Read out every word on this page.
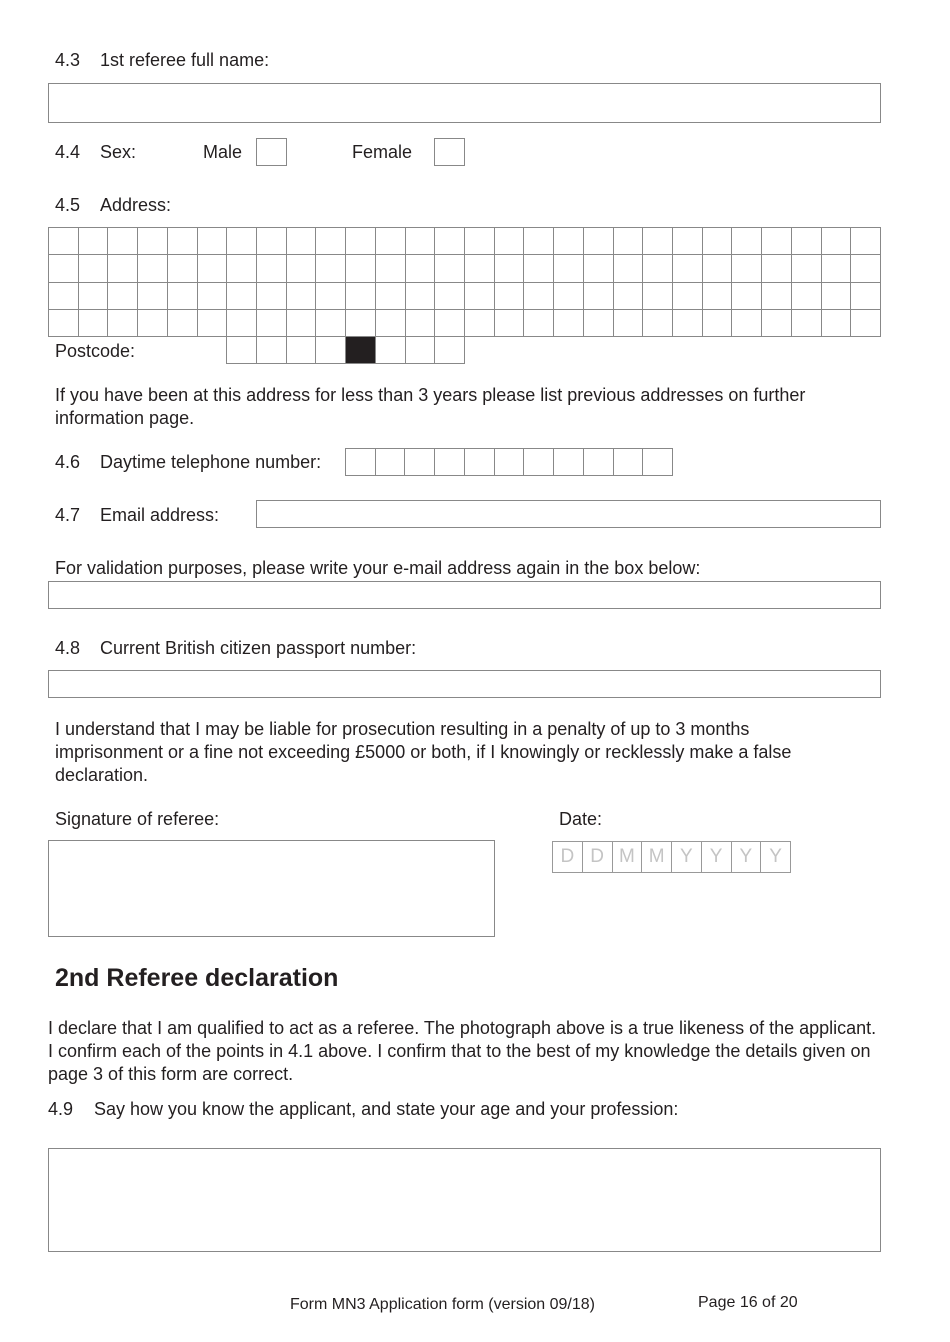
4.3 1st referee full name:
4.4 Sex:	Male	Female
4.5 Address:
Postcode:
If you have been at this address for less than 3 years please list previous addresses on further information page.
4.6 Daytime telephone number:
4.7 Email address:
For validation purposes, please write your e-mail address again in the box below:
4.8 Current British citizen passport number:
I understand that I may be liable for prosecution resulting in a penalty of up to 3 months imprisonment or a fine not exceeding £5000 or both, if I knowingly or recklessly make a false declaration.
Signature of referee:	Date:
D D M M Y Y Y Y
2nd Referee declaration
I declare that I am qualified to act as a referee. The photograph above is a true likeness of the applicant. I confirm each of the points in 4.1 above. I confirm that to the best of my knowledge the details given on page 3 of this form are correct.
4.9 Say how you know the applicant, and state your age and your profession:
Form MN3 Application form (version 09/18)	Page 16 of 20
